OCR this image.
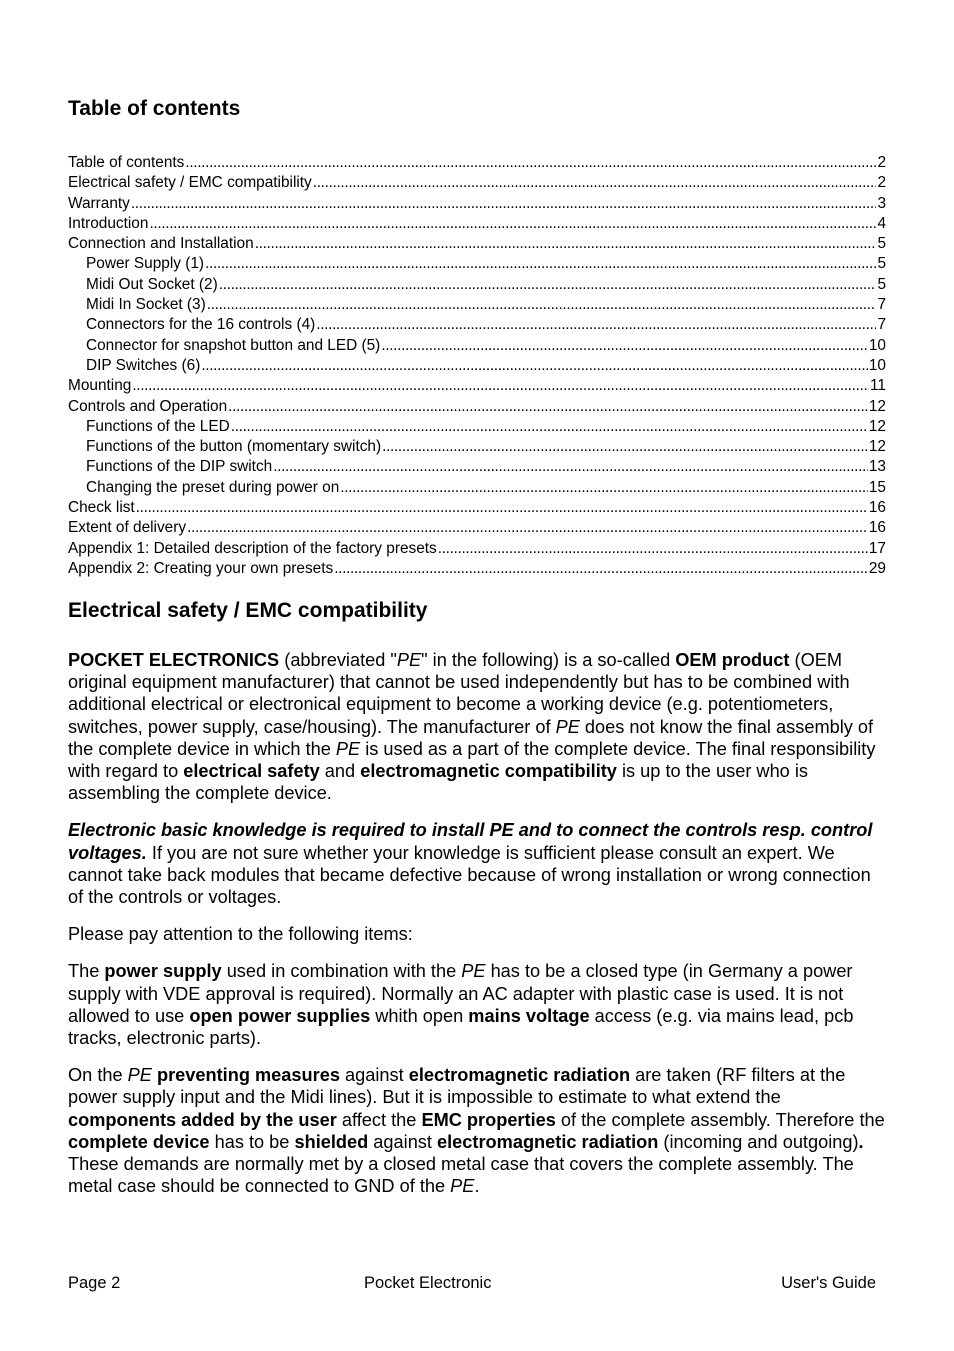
Table of contents
Table of contents . . .	2
Electrical safety / EMC compatibility . . .	2
Warranty . . .	3
Introduction . . .	4
Connection and Installation . . .	5
Power Supply (1) . . .	5
Midi Out Socket (2) . . .	5
Midi In Socket (3) . . .	7
Connectors for the 16 controls (4) . . .	7
Connector for snapshot button and LED (5) . . .	10
DIP Switches (6) . . .	10
Mounting . . .	11
Controls and Operation . . .	12
Functions of the LED . . .	12
Functions of the button (momentary switch) . . .	12
Functions of the DIP switch . . .	13
Changing the preset during power on . . .	15
Check list . . .	16
Extent of delivery . . .	16
Appendix 1: Detailed description of the factory presets . . .	17
Appendix 2: Creating your own presets . . .	29
Electrical safety / EMC compatibility

POCKET ELECTRONICS (abbreviated "PE" in the following) is a so-called OEM product (OEM original equipment manufacturer) that cannot be used independently but has to be combined with additional electrical or electronical equipment to become a working device (e.g. potentiometers, switches, power supply, case/housing). The manufacturer of PE does not know the final assembly of the complete device in which the PE is used as a part of the complete device. The final responsibility with regard to electrical safety and electromagnetic compatibility is up to the user who is assembling the complete device.

Electronic basic knowledge is required to install PE and to connect the controls resp. control voltages. If you are not sure whether your knowledge is sufficient please consult an expert. We cannot take back modules that became defective because of wrong installation or wrong connection of the controls or voltages.

Please pay attention to the following items:

The power supply used in combination with the PE has to be a closed type (in Germany a power supply with VDE approval is required). Normally an AC adapter with plastic case is used. It is not allowed to use open power supplies whith open mains voltage access (e.g. via mains lead, pcb tracks, electronic parts).

On the PE preventing measures against electromagnetic radiation are taken (RF filters at the power supply input and the Midi lines). But it is impossible to estimate to what extend the components added by the user affect the EMC properties of the complete assembly. Therefore the complete device has to be shielded against electromagnetic radiation (incoming and outgoing). These demands are normally met by a closed metal case that covers the complete assembly. The metal case should be connected to GND of the PE.

Page 2	Pocket Electronic	User's Guide
